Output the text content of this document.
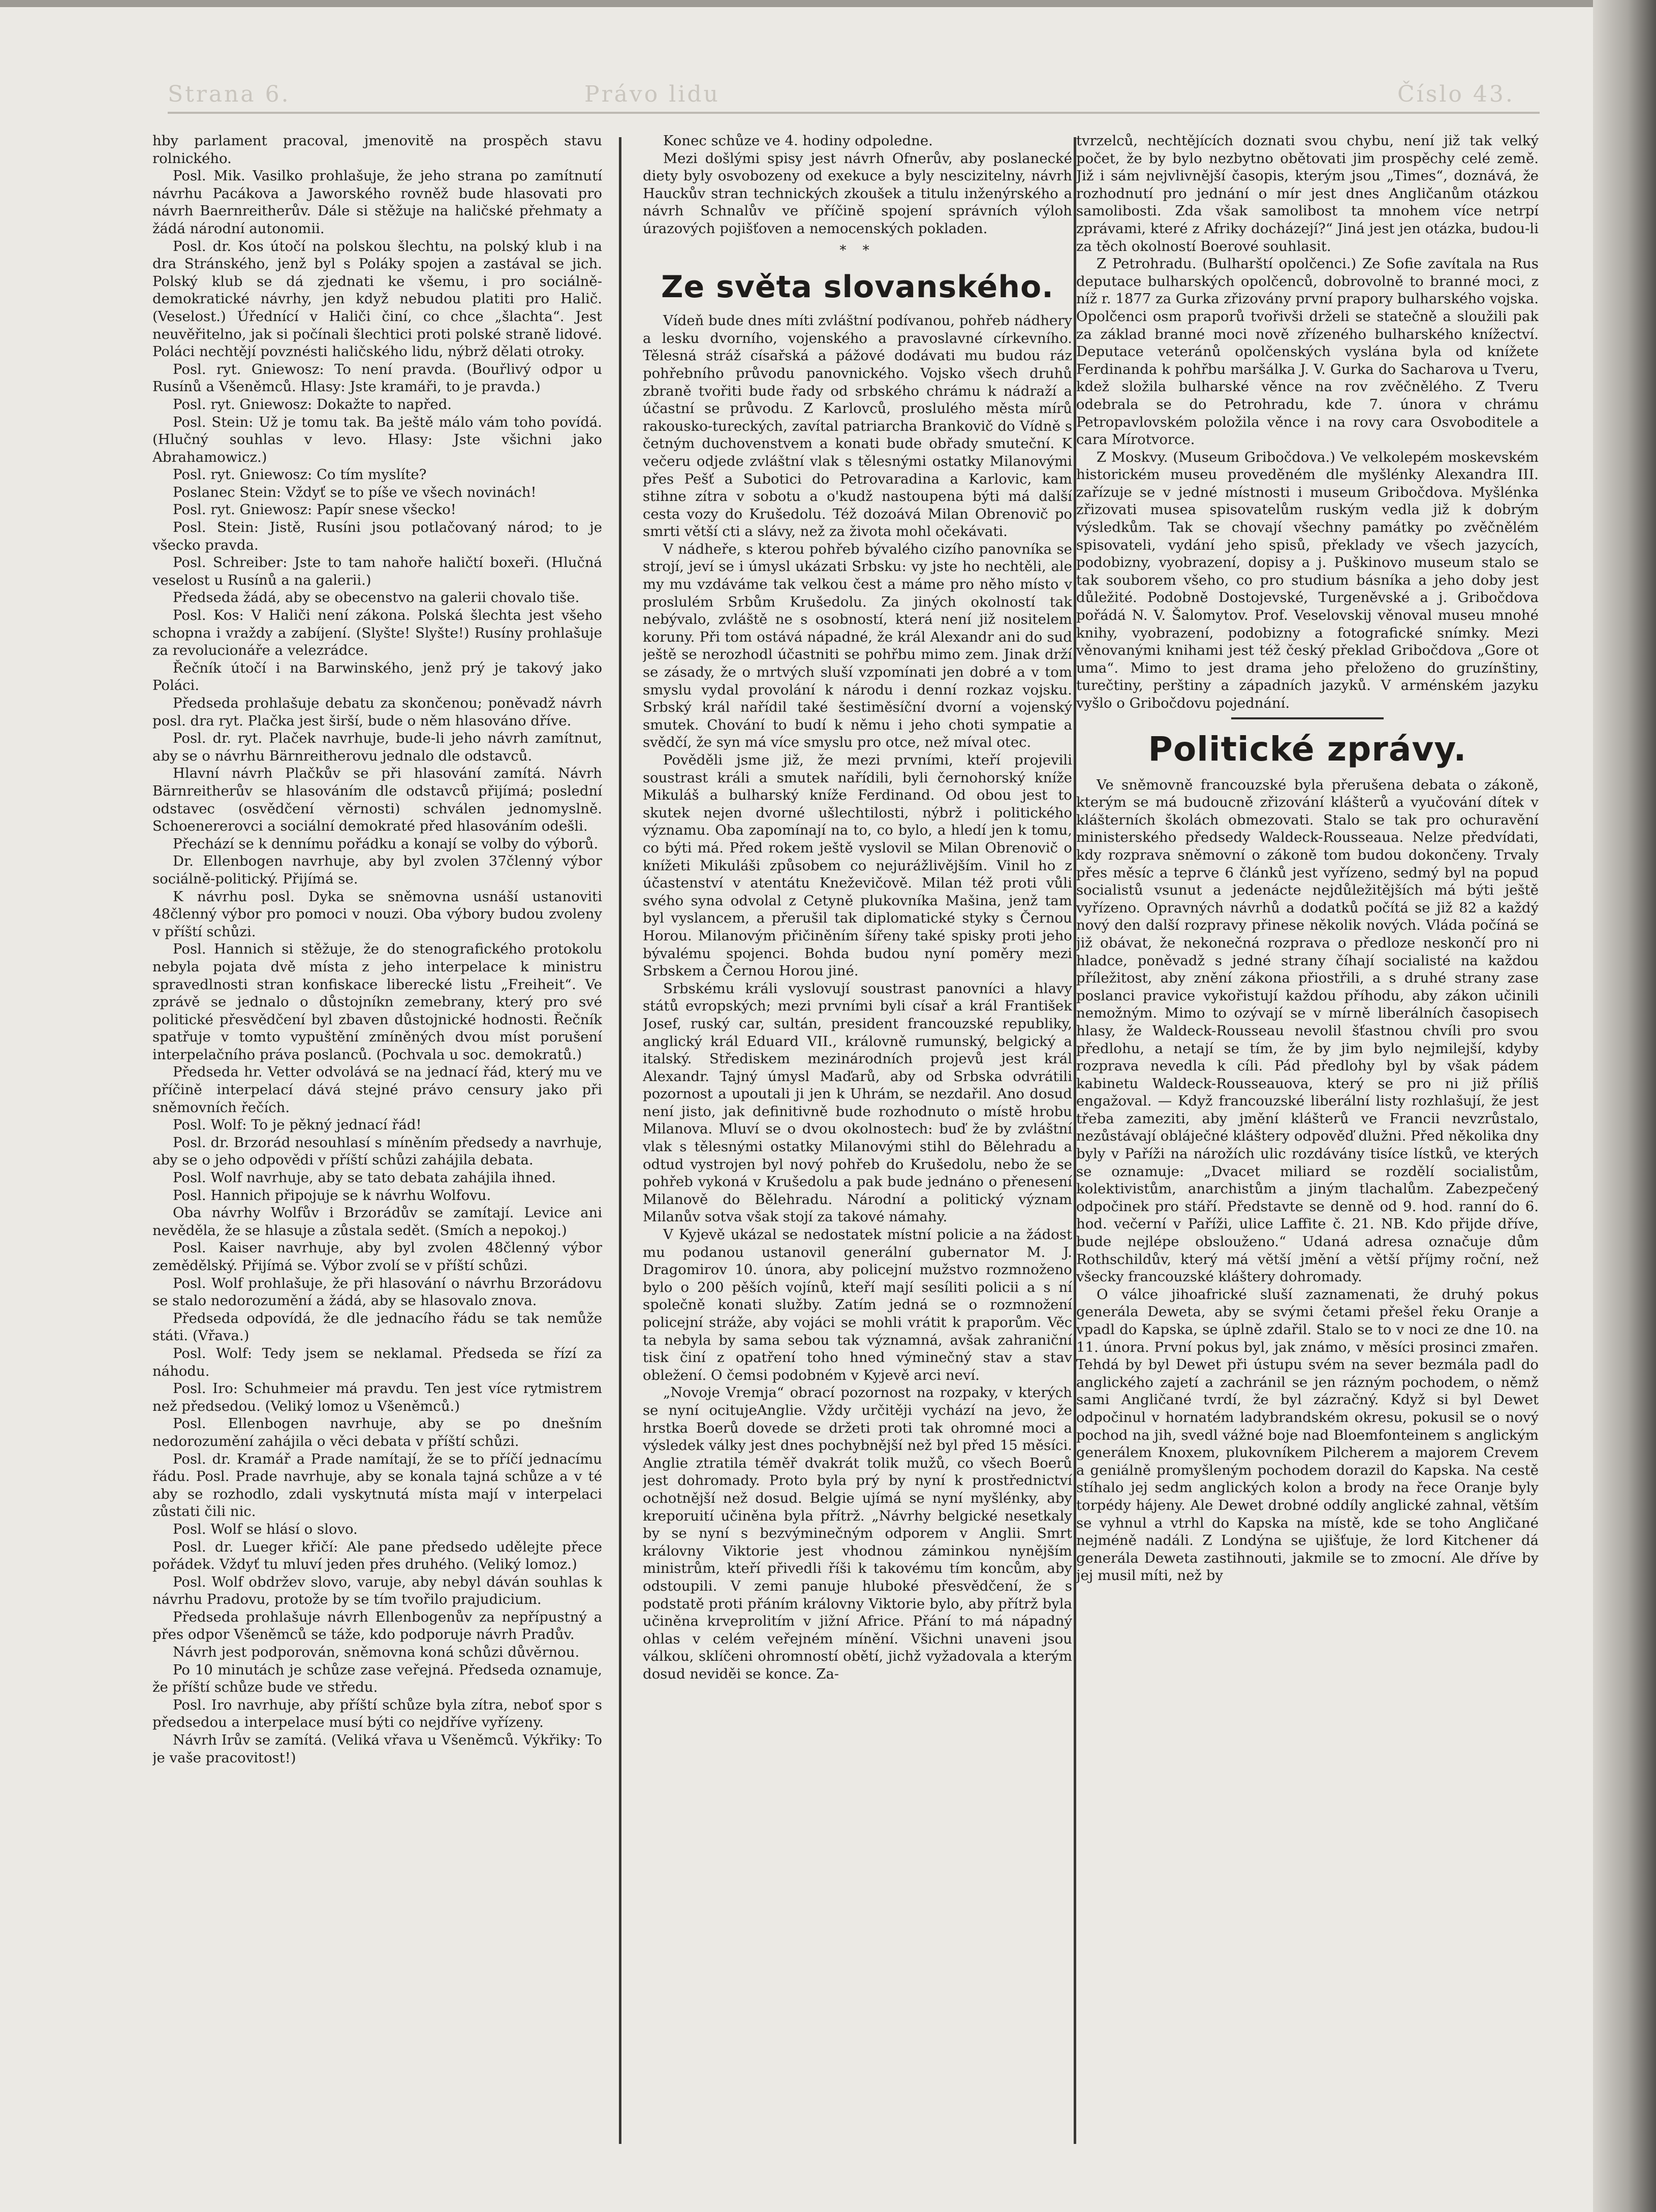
Strana 6.	Právo lidu	Číslo 43.

hby parlament pracoval, jmenovitě na prospěch stavu rolnického.

Posl. Mik. Vasilko prohlašuje, že jeho strana po zamítnutí návrhu Pacákova a Jaworského rovněž bude hlasovati pro návrh Baernreitherův. Dále si stěžuje na haličské přehmaty a žádá národní autonomii.

Posl. dr. Kos útočí na polskou šlechtu, na polský klub i na dra Stránského, jenž byl s Poláky spojen a zastával se jich. Polský klub se dá zjednati ke všemu, i pro sociálně-demokratické návrhy, jen když nebudou platiti pro Halič. (Veselost.) Úřednící v Haliči činí, co chce „šlachta“. Jest neuvěřitelno, jak si počínali šlechtici proti polské straně lidové. Poláci nechtějí povznésti haličského lidu, nýbrž dělati otroky.

Posl. ryt. Gniewosz: To není pravda. (Bouřlivý odpor u Rusínů a Všeněmců. Hlasy: Jste kramáři, to je pravda.)

Posl. ryt. Gniewosz: Dokažte to napřed.

Posl. Stein: Už je tomu tak. Ba ještě málo vám toho povídá. (Hlučný souhlas v levo. Hlasy: Jste všichni jako Abrahamowicz.)

Posl. ryt. Gniewosz: Co tím myslíte?

Poslanec Stein: Vždyť se to píše ve všech novinách!

Posl. ryt. Gniewosz: Papír snese všecko!

Posl. Stein: Jistě, Rusíni jsou potlačovaný národ; to je všecko pravda.

Posl. Schreiber: Jste to tam nahoře haličtí boxeři. (Hlučná veselost u Rusínů a na galerii.)

Předseda žádá, aby se obecenstvo na galerii chovalo tiše.

Posl. Kos: V Haliči není zákona. Polská šlechta jest všeho schopna i vraždy a zabíjení. (Slyšte! Slyšte!) Rusíny prohlašuje za revolucionáře a velezrádce.

Řečník útočí i na Barwinského, jenž prý je takový jako Poláci.

Předseda prohlašuje debatu za skončenou; poněvadž návrh posl. dra ryt. Plačka jest širší, bude o něm hlasováno dříve.

Posl. dr. ryt. Plaček navrhuje, bude-li jeho návrh zamítnut, aby se o návrhu Bärnreitherovu jednalo dle odstavců.

Hlavní návrh Plačkův se při hlasování zamítá. Návrh Bärnreitherův se hlasováním dle odstavců přijímá; poslední odstavec (osvědčení věrnosti) schválen jednomyslně. Schoenererovci a sociální demokraté před hlasováním odešli.

Přechází se k dennímu pořádku a konají se volby do výborů.

Dr. Ellenbogen navrhuje, aby byl zvolen 37členný výbor sociálně-politický. Přijímá se.

K návrhu posl. Dyka se sněmovna usnáší ustanoviti 48členný výbor pro pomoci v nouzi. Oba výbory budou zvoleny v příští schůzi.

Posl. Hannich si stěžuje, že do stenografického protokolu nebyla pojata dvě místa z jeho interpelace k ministru spravedlnosti stran konfiskace liberecké listu „Freiheit“. Ve zprávě se jednalo o důstojníkn zemebrany, který pro své politické přesvědčení byl zbaven důstojnické hodnosti. Řečník spatřuje v tomto vypuštění zmíněných dvou míst porušení interpelačního práva poslanců. (Pochvala u soc. demokratů.)

Předseda hr. Vetter odvolává se na jednací řád, který mu ve příčině interpelací dává stejné právo censury jako při sněmovních řečích.

Posl. Wolf: To je pěkný jednací řád!

Posl. dr. Brzorád nesouhlasí s míněním předsedy a navrhuje, aby se o jeho odpovědi v příští schůzi zahájila debata.

Posl. Wolf navrhuje, aby se tato debata zahájila ihned.

Posl. Hannich připojuje se k návrhu Wolfovu.

Oba návrhy Wolfův i Brzorádův se zamítají. Levice ani nevěděla, že se hlasuje a zůstala sedět. (Smích a nepokoj.)

Posl. Kaiser navrhuje, aby byl zvolen 48členný výbor zemědělský. Přijímá se. Výbor zvolí se v příští schůzi.

Posl. Wolf prohlašuje, že při hlasování o návrhu Brzorádovu se stalo nedorozumění a žádá, aby se hlasovalo znova.

Předseda odpovídá, že dle jednacího řádu se tak nemůže státi. (Vřava.)

Posl. Wolf: Tedy jsem se neklamal. Předseda se řízí za náhodu.

Posl. Iro: Schuhmeier má pravdu. Ten jest více rytmistrem než předsedou. (Veliký lomoz u Všeněmců.)

Posl. Ellenbogen navrhuje, aby se po dnešním nedorozumění zahájila o věci debata v příští schůzi.

Posl. dr. Kramář a Prade namítají, že se to příčí jednacímu řádu. Posl. Prade navrhuje, aby se konala tajná schůze a v té aby se rozhodlo, zdali vyskytnutá místa mají v interpelaci zůstati čili nic.

Posl. Wolf se hlásí o slovo.

Posl. dr. Lueger křičí: Ale pane předsedo udělejte přece pořádek. Vždyť tu mluví jeden přes druhého. (Veliký lomoz.)

Posl. Wolf obdržev slovo, varuje, aby nebyl dáván souhlas k návrhu Pradovu, protože by se tím tvořilo prajudicium.

Předseda prohlašuje návrh Ellenbogenův za nepřípustný a přes odpor Všeněmců se táže, kdo podporuje návrh Pradův.

Návrh jest podporován, sněmovna koná schůzi důvěrnou.

Po 10 minutách je schůze zase veřejná. Předseda oznamuje, že příští schůze bude ve středu.

Posl. Iro navrhuje, aby příští schůze byla zítra, neboť spor s předsedou a interpelace musí býti co nejdříve vyřízeny.

Návrh Irův se zamítá. (Veliká vřava u Všeněmců. Výkřiky: To je vaše pracovitost!)

Konec schůze ve 4. hodiny odpoledne.

Mezi došlými spisy jest návrh Ofnerův, aby poslanecké diety byly osvobozeny od exekuce a byly nescizitelny, návrh Hauckův stran technických zkoušek a titulu inženýrského a návrh Schnalův ve příčině spojení správních výloh úrazových pojišťoven a nemocenských pokladen.

* *
Ze světa slovanského.

Vídeň bude dnes míti zvláštní podívanou, pohřeb nádhery a lesku dvorního, vojenského a pravoslavné církevního. Tělesná stráž císařská a pážové dodávati mu budou ráz pohřebního průvodu panovnického. Vojsko všech druhů zbraně tvořiti bude řady od srbského chrámu k nádraží a účastní se průvodu. Z Karlovců, proslulého města mírů rakousko-tureckých, zavítal patriarcha Brankovič do Vídně s četným duchovenstvem a konati bude obřady smuteční. K večeru odjede zvláštní vlak s tělesnými ostatky Milanovými přes Pešť a Subotici do Petrovaradina a Karlovic, kam stihne zítra v sobotu a o'kudž nastoupena býti má další cesta vozy do Krušedolu. Též dozoává Milan Obrenovič po smrti větší cti a slávy, než za života mohl očekávati.

V nádheře, s kterou pohřeb bývalého cizího panovníka se strojí, jeví se i úmysl ukázati Srbsku: vy jste ho nechtěli, ale my mu vzdáváme tak velkou čest a máme pro něho místo v proslulém Srbům Krušedolu. Za jiných okolností tak nebývalo, zvláště ne s osobností, která není již nositelem koruny. Při tom ostává nápadné, že král Alexandr ani do sud ještě se nerozhodl účastniti se pohřbu mimo zem. Jinak drží se zásady, že o mrtvých sluší vzpomínati jen dobré a v tom smyslu vydal provolání k národu i denní rozkaz vojsku. Srbský král nařídil také šestiměsíční dvorní a vojenský smutek. Chování to budí k němu i jeho choti sympatie a svědčí, že syn má více smyslu pro otce, než míval otec.

Pověděli jsme již, že mezi prvními, kteří projevili soustrast králi a smutek nařídili, byli černohorský kníže Mikuláš a bulharský kníže Ferdinand. Od obou jest to skutek nejen dvorné ušlechtilosti, nýbrž i politického významu. Oba zapomínají na to, co bylo, a hledí jen k tomu, co býti má. Před rokem ještě vyslovil se Milan Obrenovič o knížeti Mikuláši způsobem co nejurážlivějším. Vinil ho z účastenství v atentátu Kneževičově. Milan též proti vůli svého syna odvolal z Cetyně plukovníka Mašina, jenž tam byl vyslancem, a přerušil tak diplomatické styky s Černou Horou. Milanovým přičiněním šířeny také spisky proti jeho bývalému spojenci. Bohda budou nyní poměry mezi Srbskem a Černou Horou jiné.

Srbskému králi vyslovují soustrast panovníci a hlavy států evropských; mezi prvními byli císař a král František Josef, ruský car, sultán, president francouzské republiky, anglický král Eduard VII., královně rumunský, belgický a italský. Střediskem mezinárodních projevů jest král Alexandr. Tajný úmysl Maďarů, aby od Srbska odvrátili pozornost a upoutali ji jen k Uhrám, se nezdařil. Ano dosud není jisto, jak definitivně bude rozhodnuto o místě hrobu Milanova. Mluví se o dvou okolnostech: buď že by zvláštní vlak s tělesnými ostatky Milanovými stihl do Bělehradu a odtud vystrojen byl nový pohřeb do Krušedolu, nebo že se pohřeb vykoná v Krušedolu a pak bude jednáno o přenesení Milanově do Bělehradu. Národní a politický význam Milanův sotva však stojí za takové námahy.

V Kyjevě ukázal se nedostatek místní policie a na žádost mu podanou ustanovil generální gubernator M. J. Dragomirov 10. února, aby policejní mužstvo rozmnoženo bylo o 200 pěších vojínů, kteří mají sesíliti policii a s ní společně konati služby. Zatím jedná se o rozmnožení policejní stráže, aby vojáci se mohli vrátit k praporům. Věc ta nebyla by sama sebou tak významná, avšak zahraniční tisk činí z opatření toho hned výminečný stav a stav obležení. O čemsi podobném v Kyjevě arci neví.

„Novoje Vremja“ obrací pozornost na rozpaky, v kterých se nyní ocitujeAnglie. Vždy určitěji vychází na jevo, že hrstka Boerů dovede se držeti proti tak ohromné moci a výsledek války jest dnes pochybnější než byl před 15 měsíci. Anglie ztratila téměř dvakrát tolik mužů, co všech Boerů jest dohromady. Proto byla prý by nyní k prostřednictví ochotnější než dosud. Belgie ujímá se nyní myšlénky, aby kreporuití učiněna byla přítrž. „Návrhy belgické nesetkaly by se nyní s bezvýminečným odporem v Anglii. Smrt královny Viktorie jest vhodnou záminkou nynějším ministrům, kteří přivedli říši k takovému tím koncům, aby odstoupili. V zemi panuje hluboké přesvědčení, že s podstatě proti přáním královny Viktorie bylo, aby přítrž byla učiněna krveprolitím v jižní Africe. Přání to má nápadný ohlas v celém veřejném mínění. Všichni unaveni jsou válkou, sklíčeni ohromností obětí, jichž vyžadovala a kterým dosud neviděi se konce. Za-

tvrzelců, nechtějících doznati svou chybu, není již tak velký počet, že by bylo nezbytno obětovati jim prospěchy celé země. Již i sám nejvlivnější časopis, kterým jsou „Times“, doznává, že rozhodnutí pro jednání o mír jest dnes Angličanům otázkou samolibosti. Zda však samolibost ta mnohem více netrpí zprávami, které z Afriky docházejí?“ Jiná jest jen otázka, budou-li za těch okolností Boerové souhlasit.

Z Petrohradu. (Bulharští opolčenci.) Ze Sofie zavítala na Rus deputace bulharských opolčenců, dobrovolně to branné moci, z níž r. 1877 za Gurka zřizovány první prapory bulharského vojska. Opolčenci osm praporů tvořivši drželi se statečně a sloužili pak za základ branné moci nově zřízeného bulharského knížectví. Deputace veteránů opolčenských vyslána byla od knížete Ferdinanda k pohřbu maršálka J. V. Gurka do Sacharova u Tveru, kdež složila bulharské věnce na rov zvěčnělého. Z Tveru odebrala se do Petrohradu, kde 7. února v chrámu Petropavlovském položila věnce i na rovy cara Osvoboditele a cara Mírotvorce.

Z Moskvy. (Museum Gribočdova.) Ve velkolepém moskevském historickém museu proveděném dle myšlénky Alexandra III. zařízuje se v jedné místnosti i museum Gribočdova. Myšlénka zřizovati musea spisovatelům ruským vedla již k dobrým výsledkům. Tak se chovají všechny památky po zvěčnělém spisovateli, vydání jeho spisů, překlady ve všech jazycích, podobizny, vyobrazení, dopisy a j. Puškinovo museum stalo se tak souborem všeho, co pro studium básníka a jeho doby jest důležité. Podobně Dostojevské, Turgeněvské a j. Gribočdova pořádá N. V. Šalomytov. Prof. Veselovskij věnoval museu mnohé knihy, vyobrazení, podobizny a fotografické snímky. Mezi věnovanými knihami jest též český překlad Gribočdova „Gore ot uma“. Mimo to jest drama jeho přeloženo do gruzínštiny, turečtiny, perštiny a západních jazyků. V arménském jazyku vyšlo o Gribočdovu pojednání.

Politické zprávy.

Ve sněmovně francouzské byla přerušena debata o zákoně, kterým se má budoucně zřizování klášterů a vyučování dítek v klášterních školách obmezovati. Stalo se tak pro ochuravění ministerského předsedy Waldeck-Rousseaua. Nelze předvídati, kdy rozprava sněmovní o zákoně tom budou dokončeny. Trvaly přes měsíc a teprve 6 článků jest vyřízeno, sedmý byl na popud socialistů vsunut a jedenácte nejdůležitějších má býti ještě vyřízeno. Opravných návrhů a dodatků počítá se již 82 a každý nový den další rozpravy přinese několik nových. Vláda počíná se již obávat, že nekonečná rozprava o předloze neskončí pro ni hladce, poněvadž s jedné strany číhají socialisté na každou příležitost, aby znění zákona přiostřili, a s druhé strany zase poslanci pravice vykořistují každou příhodu, aby zákon učinili nemožným. Mimo to ozývají se v mírně liberálních časopisech hlasy, že Waldeck-Rousseau nevolil šťastnou chvíli pro svou předlohu, a netají se tím, že by jim bylo nejmilejší, kdyby rozprava nevedla k cíli. Pád předlohy byl by však pádem kabinetu Waldeck-Rousseauova, který se pro ni již příliš engažoval. — Když francouzské liberální listy rozhlašují, že jest třeba zameziti, aby jmění klášterů ve Francii nevzrůstalo, nezůstávají obláječné kláštery odpověď dlužni. Před několika dny byly v Paříži na nárožích ulic rozdávány tisíce lístků, ve kterých se oznamuje: „Dvacet miliard se rozdělí socialistům, kolektivistům, anarchistům a jiným tlachalům. Zabezpečený odpočinek pro stáří. Představte se denně od 9. hod. ranní do 6. hod. večerní v Paříži, ulice Laffite č. 21. NB. Kdo přijde dříve, bude nejlépe obslouženo.“ Udaná adresa označuje dům Rothschildův, který má větší jmění a větší příjmy roční, než všecky francouzské kláštery dohromady.

O válce jihoafrické sluší zaznamenati, že druhý pokus generála Deweta, aby se svými četami přešel řeku Oranje a vpadl do Kapska, se úplně zdařil. Stalo se to v noci ze dne 10. na 11. února. První pokus byl, jak známo, v měsíci prosinci zmařen. Tehdá by byl Dewet při ústupu svém na sever bezmála padl do anglického zajetí a zachránil se jen rázným pochodem, o němž sami Angličané tvrdí, že byl zázračný. Když si byl Dewet odpočinul v hornatém ladybrandském okresu, pokusil se o nový pochod na jih, svedl vážné boje nad Bloemfonteinem s anglickým generálem Knoxem, plukovníkem Pilcherem a majorem Crevem a geniálně promyšleným pochodem dorazil do Kapska. Na cestě stíhalo jej sedm anglických kolon a brody na řece Oranje byly torpédy hájeny. Ale Dewet drobné oddíly anglické zahnal, větším se vyhnul a vtrhl do Kapska na místě, kde se toho Angličané nejméně nadáli. Z Londýna se ujišťuje, že lord Kitchener dá generála Deweta zastihnouti, jakmile se to zmocní. Ale dříve by jej musil míti, než by
